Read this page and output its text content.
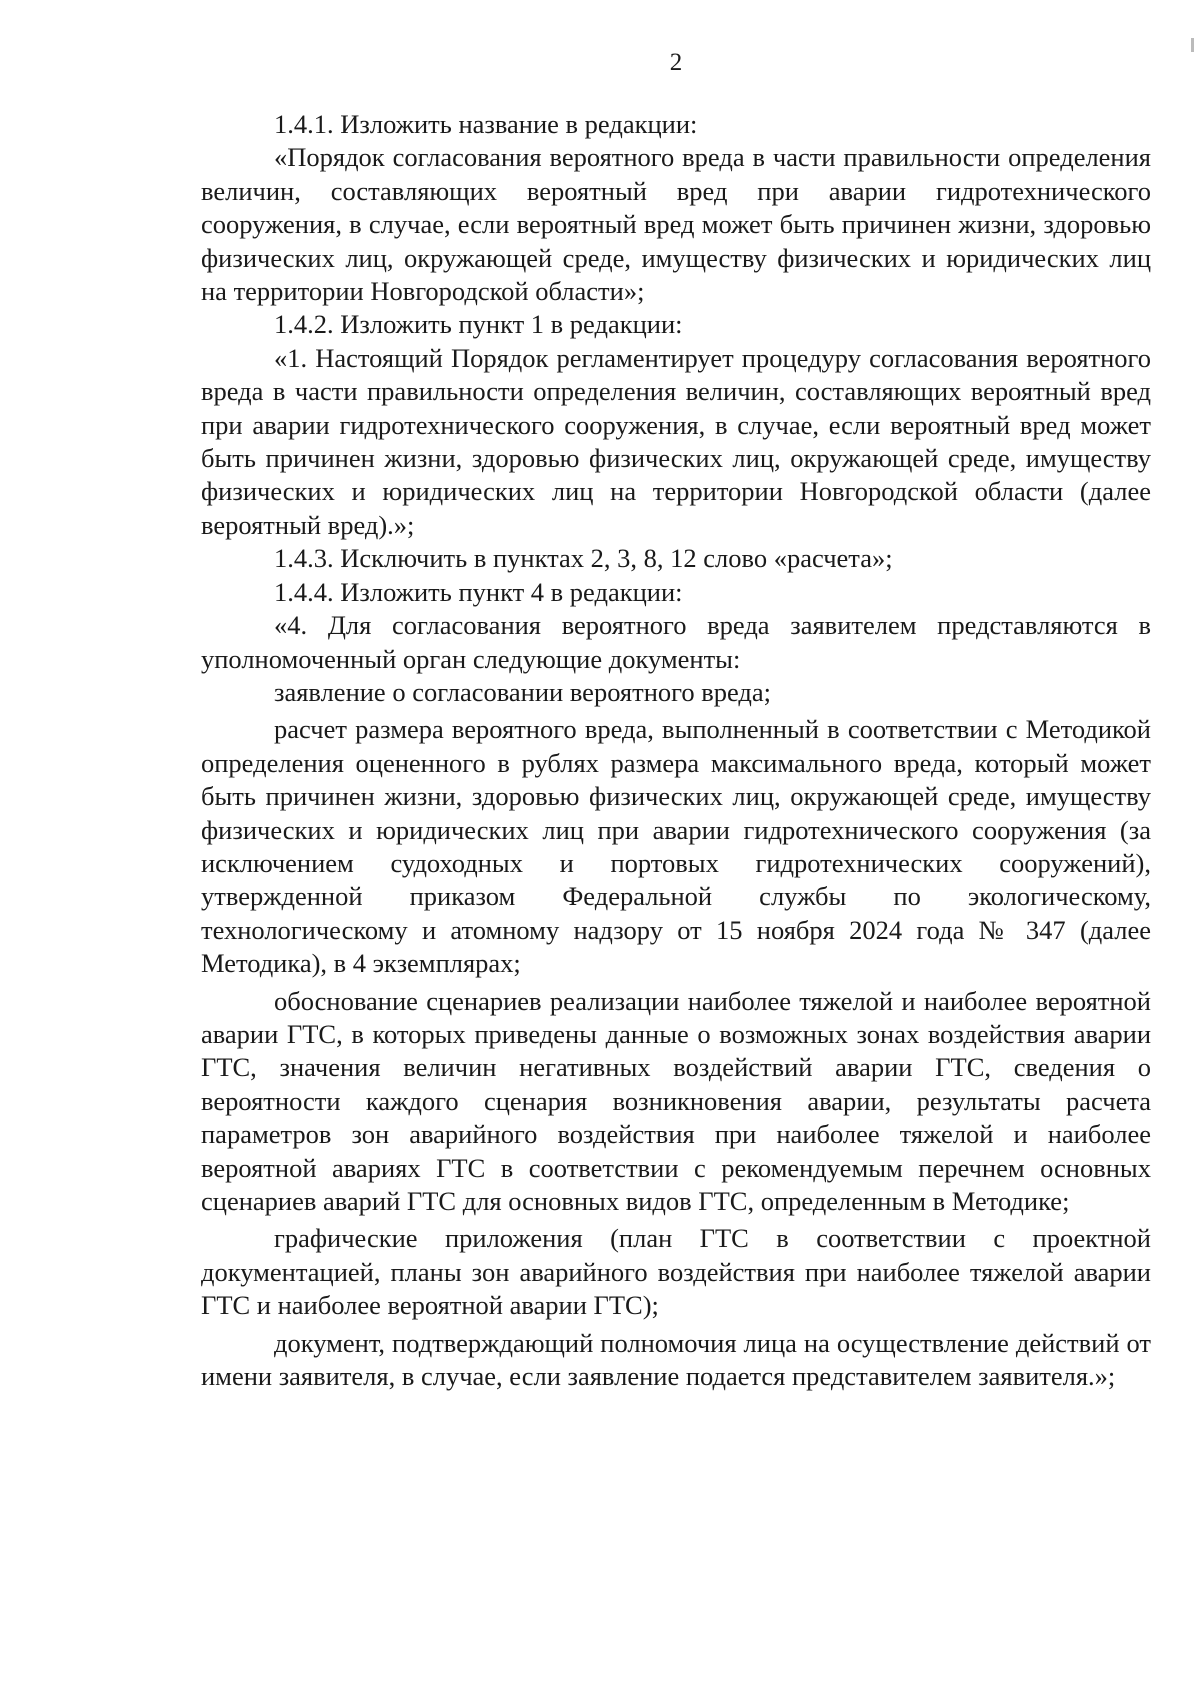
2

1.4.1. Изложить название в редакции:

«Порядок согласования вероятного вреда в части правильности определения величин, составляющих вероятный вред при аварии гидротехнического сооружения, в случае, если вероятный вред может быть причинен жизни, здоровью физических лиц, окружающей среде, имуществу физических и юридических лиц на территории Новгородской области»;

1.4.2. Изложить пункт 1 в редакции:

«1. Настоящий Порядок регламентирует процедуру согласования вероятного вреда в части правильности определения величин, составляющих вероятный вред при аварии гидротехнического сооружения, в случае, если вероятный вред может быть причинен жизни, здоровью физических лиц, окружающей среде, имуществу физических и юридических лиц на территории Новгородской области (далее вероятный вред).»;

1.4.3. Исключить в пунктах 2, 3, 8, 12 слово «расчета»;

1.4.4. Изложить пункт 4 в редакции:

«4. Для согласования вероятного вреда заявителем представляются в уполномоченный орган следующие документы:

заявление о согласовании вероятного вреда;

расчет размера вероятного вреда, выполненный в соответствии с Методикой определения оцененного в рублях размера максимального вреда, который может быть причинен жизни, здоровью физических лиц, окружающей среде, имуществу физических и юридических лиц при аварии гидротехнического сооружения (за исключением судоходных и портовых гидротехнических сооружений), утвержденной приказом Федеральной службы по экологическому, технологическому и атомному надзору от 15 ноября 2024 года № 347 (далее Методика), в 4 экземплярах;

обоснование сценариев реализации наиболее тяжелой и наиболее вероятной аварии ГТС, в которых приведены данные о возможных зонах воздействия аварии ГТС, значения величин негативных воздействий аварии ГТС, сведения о вероятности каждого сценария возникновения аварии, результаты расчета параметров зон аварийного воздействия при наиболее тяжелой и наиболее вероятной авариях ГТС в соответствии с рекомендуемым перечнем основных сценариев аварий ГТС для основных видов ГТС, определенным в Методике;

графические приложения (план ГТС в соответствии с проектной документацией, планы зон аварийного воздействия при наиболее тяжелой аварии ГТС и наиболее вероятной аварии ГТС);

документ, подтверждающий полномочия лица на осуществление действий от имени заявителя, в случае, если заявление подается представителем заявителя.»;
